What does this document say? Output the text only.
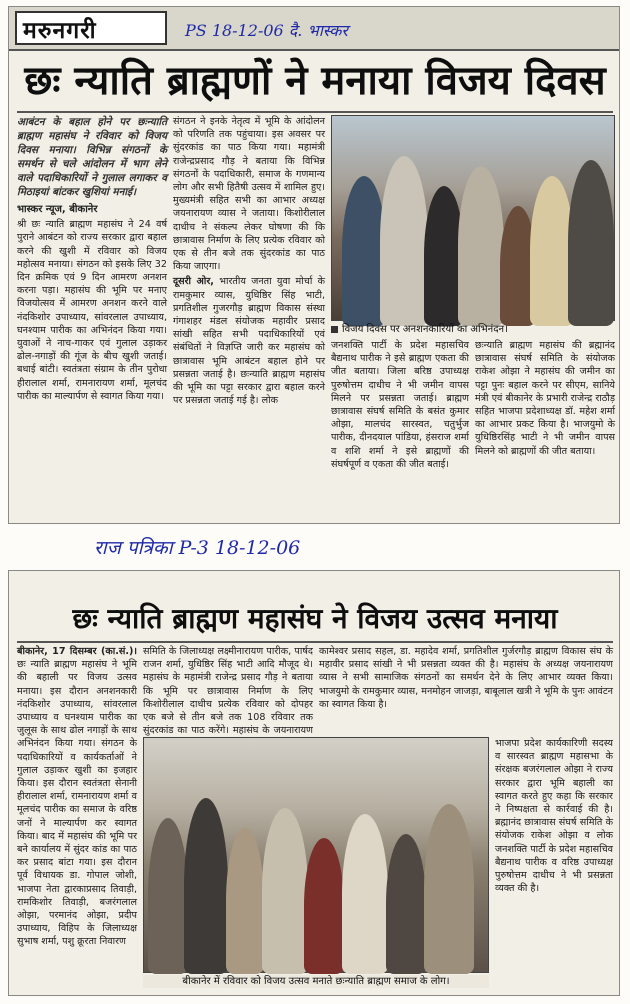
मरुनगरी	PS 18-12-06 दै. भास्कर
छः न्याति ब्राह्मणों ने मनाया विजय दिवस
आबंटन के बहाल होने पर छःन्याति ब्राह्मण महासंघ ने रविवार को विजय दिवस मनाया। विभिन्न संगठनों के समर्थन से चले आंदोलन में भाग लेने वाले पदाधिकारियों ने गुलाल लगाकर व मिठाइयां बांटकर खुशियां मनाई।
भास्कर न्यूज, बीकानेर
श्री छः न्याति ब्राह्मण महासंघ ने 24 वर्ष पुराने आबंटन को राज्य सरकार द्वारा बहाल करने की खुशी में रविवार को विजय महोत्सव मनाया। संगठन को इसके लिए 32 दिन क्रमिक एवं 9 दिन आमरण अनशन करना पड़ा। महासंघ की भूमि पर मनाए विजयोत्सव में आमरण अनशन करने वाले नंदकिशोर उपाध्याय, सांवरलाल उपाध्याय, घनश्याम पारीक का अभिनंदन किया गया। युवाओं ने नाच-गाकर एवं गुलाल उड़ाकर ढोल-नगाड़ों की गूंज के बीच खुशी जताई। बधाई बांटी। स्वतंत्रता संग्राम के तीन पुरोधा हीरालाल शर्मा, रामनारायण शर्मा, मूलचंद पारीक का माल्यार्पण से स्वागत किया गया।
संगठन ने इनके नेतृत्व में भूमि के आंदोलन को परिणति तक पहुंचाया। इस अवसर पर सुंदरकांड का पाठ किया गया। महामंत्री राजेन्द्रप्रसाद गौड़ ने बताया कि विभिन्न संगठनों के पदाधिकारी, समाज के गणमान्य लोग और सभी हितैषी उत्सव में शामिल हुए। मुख्यमंत्री सहित सभी का आभार अध्यक्ष जयनारायण व्यास ने जताया। किशोरीलाल दाधीच ने संकल्प लेकर घोषणा की कि छात्रावास निर्माण के लिए प्रत्येक रविवार को एक से तीन बजे तक सुंदरकांड का पाठ किया जाएगा।
दूसरी ओर, भारतीय जनता युवा मोर्चा के रामकुमार व्यास, युधिष्ठिर सिंह भाटी, प्रगतिशील गुजरगौड़ ब्राह्मण विकास संस्था गंगाशहर मंडल संयोजक महावीर प्रसाद सांखी सहित सभी पदाधिकारियों एवं संबंधितों ने विज्ञप्ति जारी कर महासंघ को छात्रावास भूमि आबंटन बहाल होने पर प्रसन्नता जताई है। छःन्याति ब्राह्मण महासंघ की भूमि का पट्टा सरकार द्वारा बहाल करने पर प्रसन्नता जताई गई है। लोक
विजय दिवस पर अनशनकारियों का अभिनंदन।
जनशक्ति पार्टी के प्रदेश महासचिव बैद्यनाथ पारीक ने इसे ब्राह्मण एकता की जीत बताया। जिला बरिष्ठ उपाध्यक्ष पुरुषोत्तम दाधीच ने भी जमीन वापस मिलने पर प्रसन्नता जताई। ब्राह्मण छात्रावास संघर्ष समिति के बसंत कुमार ओझा, मालचंद सारस्वत, चतुर्भुज पारीक, दीनदयाल पांडिया, हंसराज शर्मा व शशि शर्मा ने इसे ब्राह्मणों की संघर्षपूर्ण व एकता की जीत बताई।
छःन्याति ब्राह्मण महासंघ की ब्रह्मानंद छात्रावास संघर्ष समिति के संयोजक राकेश ओझा ने महासंघ की जमीन का पट्टा पुनः बहाल करने पर सीएम, सानिये मंत्री एवं बीकानेर के प्रभारी राजेन्द्र राठौड़ सहित भाजपा प्रदेशाध्यक्ष डॉ. महेश शर्मा का आभार प्रकट किया है। भाजयुमो के युधिष्ठिरसिंह भाटी ने भी जमीन वापस मिलने को ब्राह्मणों की जीत बताया।
राज पत्रिका P-3 18-12-06
छः न्याति ब्राह्मण महासंघ ने विजय उत्सव मनाया
बीकानेर, 17 दिसम्बर (का.सं.)। छः न्याति ब्राह्मण महासंघ ने भूमि की बहाली पर विजय उत्सव मनाया। इस दौरान अनशनकारी नंदकिशोर उपाध्याय, सांवरलाल उपाध्याय व घनश्याम पारीक का जुलूस के साथ ढोल नगाड़ों के साथ अभिनंदन किया गया। संगठन के पदाधिकारियों व कार्यकर्ताओं ने गुलाल उड़ाकर खुशी का इजहार किया। इस दौरान स्वतंत्रता सेनानी हीरालाल शर्मा, रामनारायण शर्मा व मूलचंद पारीक का समाज के वरिष्ठ जनों ने माल्यार्पण कर स्वागत किया। बाद में महासंघ की भूमि पर बने कार्यालय में सुंदर कांड का पाठ कर प्रसाद बांटा गया। इस दौरान पूर्व विधायक डा. गोपाल जोशी, भाजपा नेता द्वारकाप्रसाद तिवाड़ी, रामकिशोर तिवाड़ी, बजरंगलाल ओझा, परमानंद ओझा, प्रदीप उपाध्याय, विहिप के जिलाध्यक्ष सुभाष शर्मा, पशु क्रूरता निवारण
समिति के जिलाध्यक्ष लक्ष्मीनारायण पारीक, पार्षद राजन शर्मा, युधिष्ठिर सिंह भाटी आदि मौजूद थे। महासंघ के महामंत्री राजेन्द्र प्रसाद गौड़ ने बताया कि भूमि पर छात्रावास निर्माण के लिए किशोरीलाल दाधीच प्रत्येक रविवार को दोपहर एक बजे से तीन बजे तक 108 रविवार तक सुंदरकांड का पाठ करेंगे। महासंघ के जयनारायण
कामेश्वर प्रसाद सहल, डा. महादेव शर्मा, प्रगतिशील गुर्जरगौड़ ब्राह्मण विकास संघ के महावीर प्रसाद सांखी ने भी प्रसन्नता व्यक्त की है। महासंघ के अध्यक्ष जयनारायण व्यास ने सभी सामाजिक संगठनों का समर्थन देने के लिए आभार व्यक्त किया। भाजयुमो के रामकुमार व्यास, मनमोहन जाजड़ा, बाबूलाल खत्री ने भूमि के पुनः आवंटन का स्वागत किया है।
बीकानेर में रविवार को विजय उत्सव मनाते छःन्याति ब्राह्मण समाज के लोग।
भाजपा प्रदेश कार्यकारिणी सदस्य व सारस्वत ब्राह्मण महासभा के संरक्षक बजरंगलाल ओझा ने राज्य सरकार द्वारा भूमि बहाली का स्वागत करते हुए कहा कि सरकार ने निष्पक्षता से कार्रवाई की है। ब्रह्मानंद छात्रावास संघर्ष समिति के संयोजक राकेश ओझा व लोक जनशक्ति पार्टी के प्रदेश महासचिव बैद्यनाथ पारीक व वरिष्ठ उपाध्यक्ष पुरुषोत्तम दाधीच ने भी प्रसन्नता व्यक्त की है।
